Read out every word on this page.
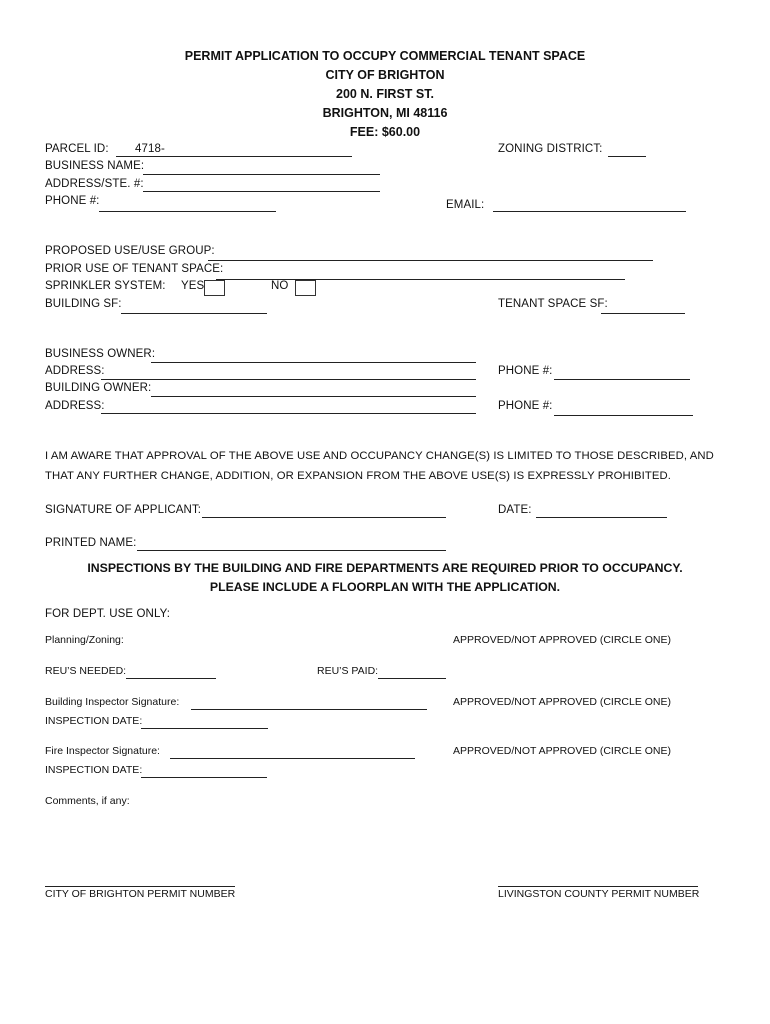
PERMIT APPLICATION TO OCCUPY COMMERCIAL TENANT SPACE
CITY OF BRIGHTON
200 N. FIRST ST.
BRIGHTON, MI 48116
FEE: $60.00
PARCEL ID: 4718-	ZONING DISTRICT:
BUSINESS NAME:
ADDRESS/STE. #:
PHONE #:	EMAIL:
PROPOSED USE/USE GROUP:
PRIOR USE OF TENANT SPACE:
SPRINKLER SYSTEM: YES	NO
BUILDING SF:	TENANT SPACE SF:
BUSINESS OWNER:
ADDRESS:	PHONE #:
BUILDING OWNER:
ADDRESS:	PHONE #:
I AM AWARE THAT APPROVAL OF THE ABOVE USE AND OCCUPANCY CHANGE(S) IS LIMITED TO THOSE DESCRIBED, AND
THAT ANY FURTHER CHANGE, ADDITION, OR EXPANSION FROM THE ABOVE USE(S) IS EXPRESSLY PROHIBITED.
SIGNATURE OF APPLICANT:	DATE:
PRINTED NAME:
INSPECTIONS BY THE BUILDING AND FIRE DEPARTMENTS ARE REQUIRED PRIOR TO OCCUPANCY.
PLEASE INCLUDE A FLOORPLAN WITH THE APPLICATION.
FOR DEPT. USE ONLY:
Planning/Zoning:	APPROVED/NOT APPROVED (CIRCLE ONE)
REU’S NEEDED:	REU’S PAID:
Building Inspector Signature:	APPROVED/NOT APPROVED (CIRCLE ONE)
INSPECTION DATE:
Fire Inspector Signature:	APPROVED/NOT APPROVED (CIRCLE ONE)
INSPECTION DATE:
Comments, if any:
CITY OF BRIGHTON PERMIT NUMBER	LIVINGSTON COUNTY PERMIT NUMBER
